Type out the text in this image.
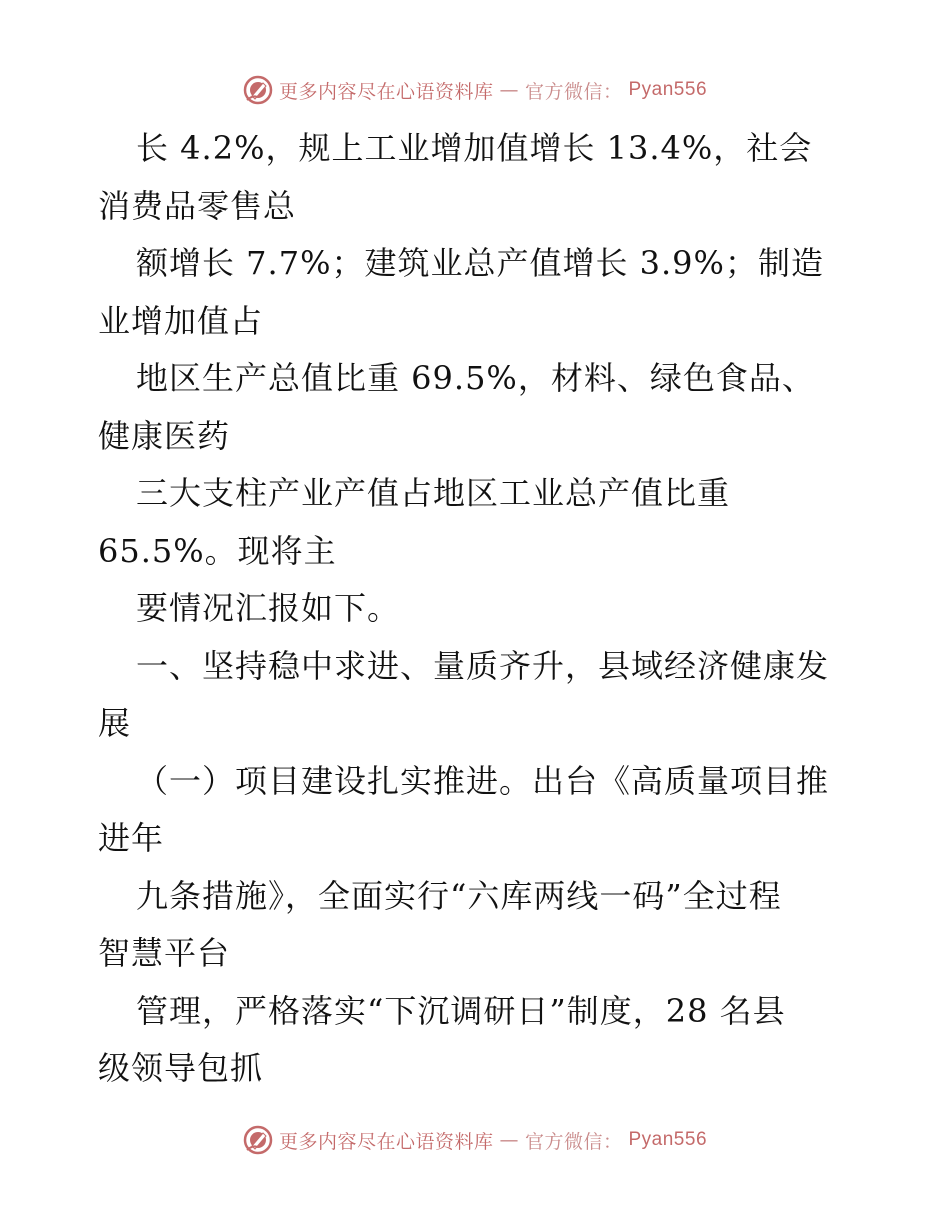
更多内容尽在心语资料库 — 官方微信： Pyan556
长 4.2%，规上工业增加值增长 13.4%，社会
消费品零售总
额增长 7.7%；建筑业总产值增长 3.9%；制造
业增加值占
地区生产总值比重 69.5%，材料、绿色食品、
健康医药
三大支柱产业产值占地区工业总产值比重
65.5%。现将主
要情况汇报如下。
一、坚持稳中求进、量质齐升，县域经济健康发
展
（一）项目建设扎实推进。出台《高质量项目推
进年
九条措施》，全面实行“六库两线一码”全过程
智慧平台
管理，严格落实“下沉调研日”制度，28 名县
级领导包抓
更多内容尽在心语资料库 — 官方微信： Pyan556
